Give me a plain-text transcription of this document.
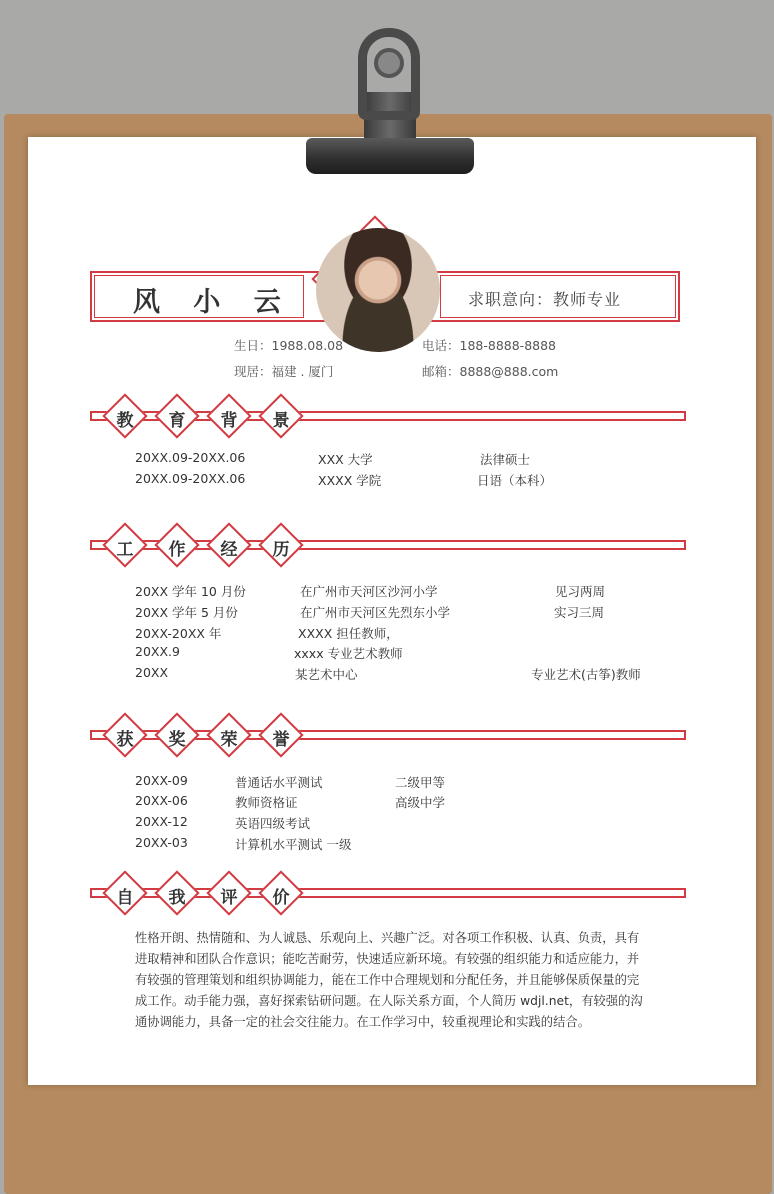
风 小 云	求职意向：教师专业
生日：1988.08.08	电话：188-8888-8888
现居：福建 . 厦门	邮箱：8888@888.com
教	育	背	景
20XX.09-20XX.06	XXX 大学	法律硕士
20XX.09-20XX.06	XXXX 学院	日语（本科）
工	作	经	历
20XX 学年 10 月份	在广州市天河区沙河小学	见习两周
20XX 学年 5 月份	在广州市天河区先烈东小学	实习三周
20XX-20XX 年	XXXX 担任教师，
20XX.9	xxxx 专业艺术教师
20XX	某艺术中心	专业艺术(古筝)教师
获	奖	荣	誉
20XX-09	普通话水平测试	二级甲等
20XX-06	教师资格证	高级中学
20XX-12	英语四级考试
20XX-03	计算机水平测试 一级
自	我	评	价
性格开朗、热情随和、为人诚恳、乐观向上、兴趣广泛。对各项工作积极、认真、负责，具有进取精神和团队合作意识；能吃苦耐劳，快速适应新环境。有较强的组织能力和适应能力，并有较强的管理策划和组织协调能力，能在工作中合理规划和分配任务，并且能够保质保量的完成工作。动手能力强，喜好探索钻研问题。在人际关系方面，个人简历 wdjl.net，有较强的沟通协调能力，具备一定的社会交往能力。在工作学习中，较重视理论和实践的结合。
